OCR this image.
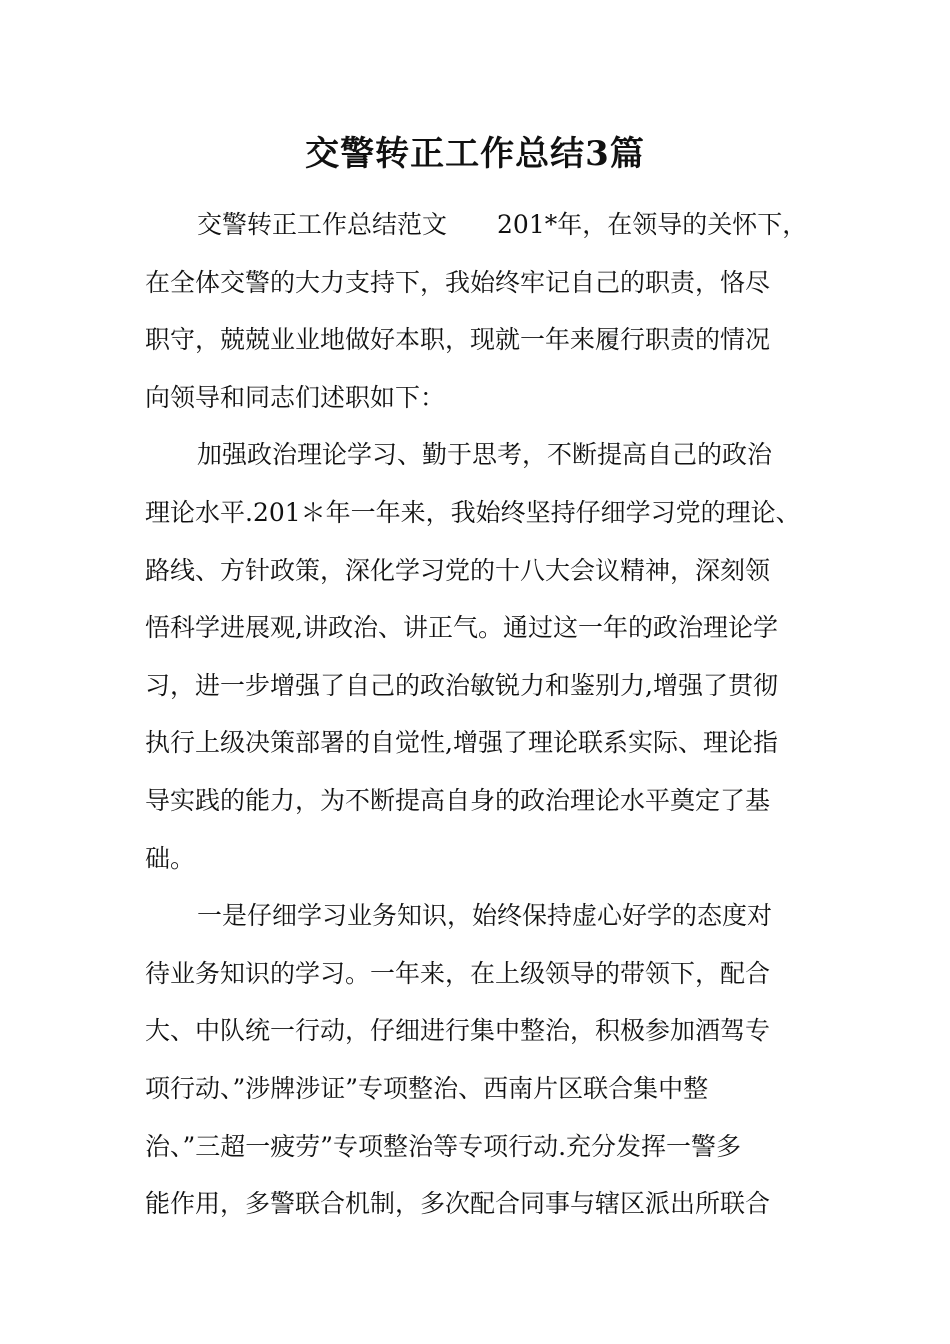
交警转正工作总结3篇

交警转正工作总结范文 201*年，在领导的关怀下，
在全体交警的大力支持下，我始终牢记自己的职责，恪尽
职守，兢兢业业地做好本职，现就一年来履行职责的情况
向领导和同志们述职如下：

加强政治理论学习、勤于思考，不断提高自己的政治
理论水平.201＊年一年来，我始终坚持仔细学习党的理论、
路线、方针政策，深化学习党的十八大会议精神，深刻领
悟科学进展观,讲政治、讲正气。通过这一年的政治理论学
习，进一步增强了自己的政治敏锐力和鉴别力,增强了贯彻
执行上级决策部署的自觉性,增强了理论联系实际、理论指
导实践的能力，为不断提高自身的政治理论水平奠定了基
础。

一是仔细学习业务知识，始终保持虚心好学的态度对
待业务知识的学习。一年来，在上级领导的带领下，配合
大、中队统一行动，仔细进行集中整治，积极参加酒驾专
项行动、”涉牌涉证”专项整治、西南片区联合集中整
治、”三超一疲劳”专项整治等专项行动.充分发挥一警多
能作用，多警联合机制，多次配合同事与辖区派出所联合
